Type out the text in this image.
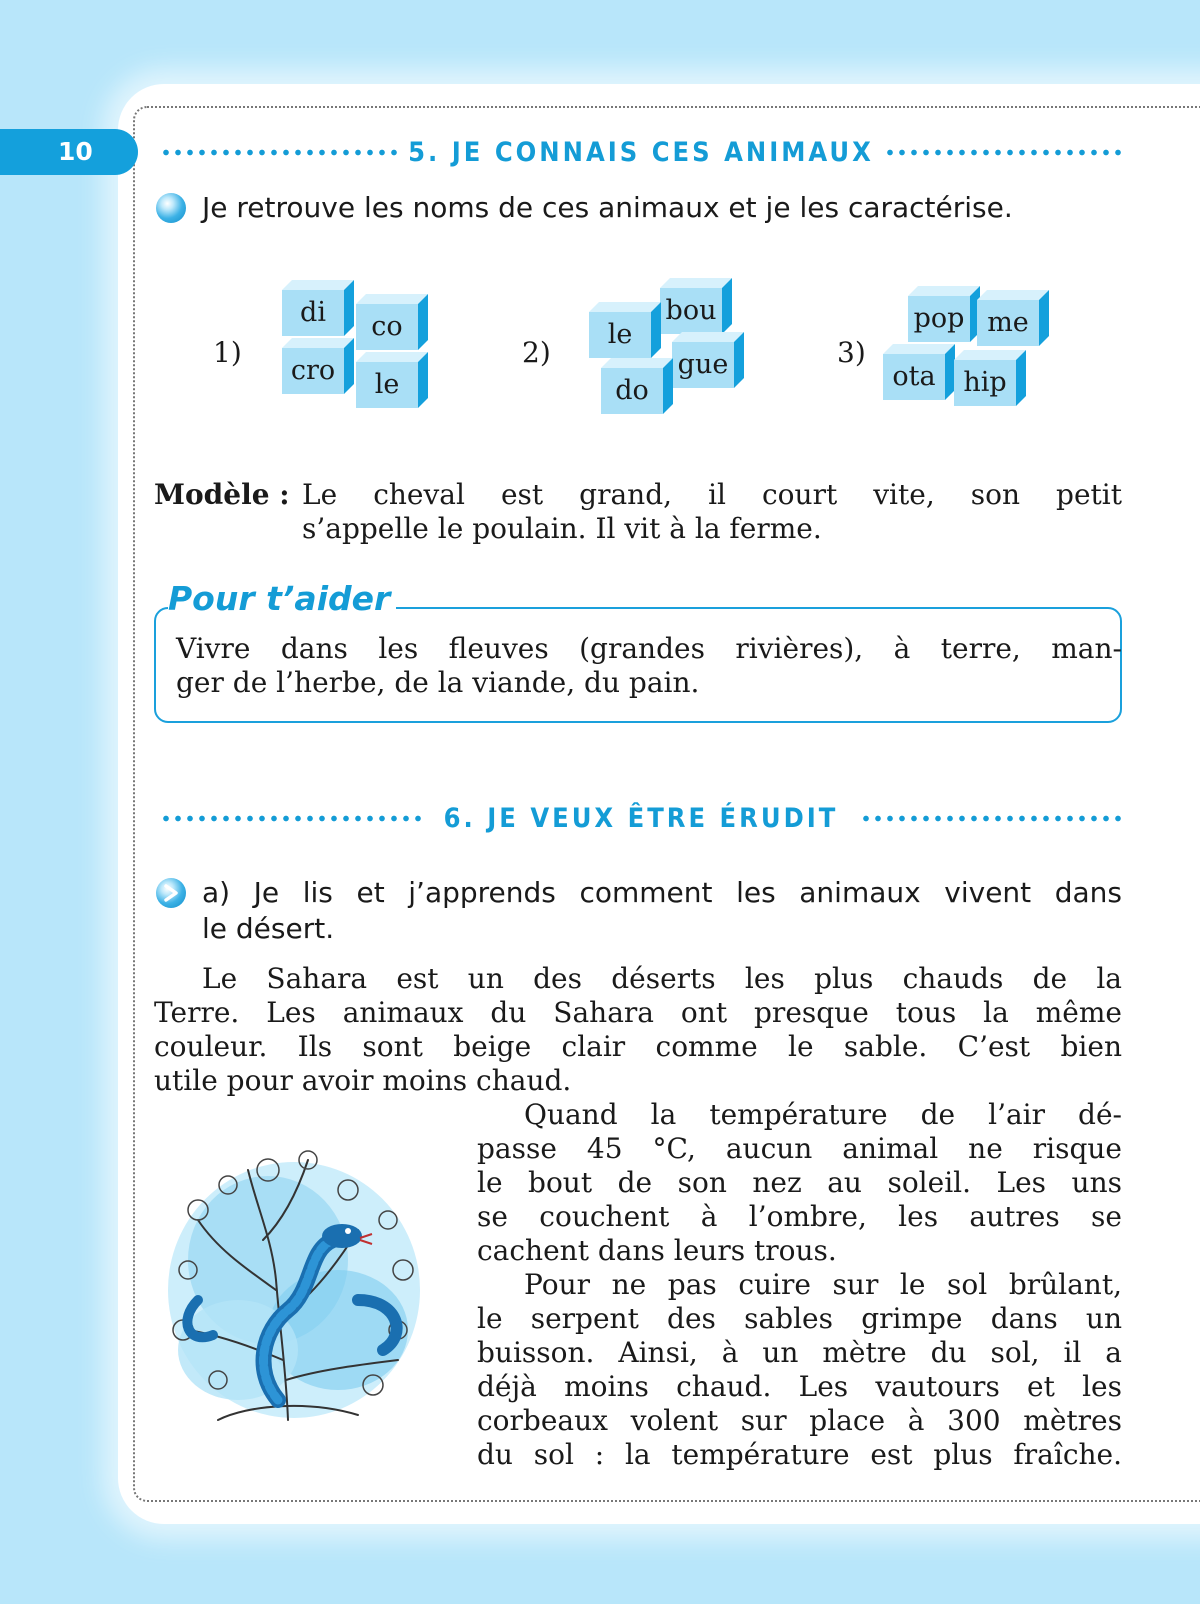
10	5. JE CONNAIS CES ANIMAUX
Je retrouve les noms de ces animaux et je les caractérise.
1)
di
cro
co
le
2)
bou
gue
le
do
3)
pop me
ota	hip
Modèle : Le cheval est grand, il court vite, son petit
s’appelle le poulain. Il vit à la ferme.
Pour t’aider
Vivre dans les fleuves (grandes rivières), à terre, man-
ger de l’herbe, de la viande, du pain.
6. JE VEUX ÊTRE ÉRUDIT
a) Je lis et j’apprends comment les animaux vivent dans
le désert.
Le Sahara est un des déserts les plus chauds de la
Terre. Les animaux du Sahara ont presque tous la même
couleur. Ils sont beige clair comme le sable. C’est bien
utile pour avoir moins chaud.
Quand la température de l’air dé-
passe 45 °C, aucun animal ne risque
le bout de son nez au soleil. Les uns
se couchent à l’ombre, les autres se
cachent dans leurs trous.
Pour ne pas cuire sur le sol brûlant,
le serpent des sables grimpe dans un
buisson. Ainsi, à un mètre du sol, il a
déjà moins chaud. Les vautours et les
corbeaux volent sur place à 300 mètres
du sol : la température est plus fraîche.
